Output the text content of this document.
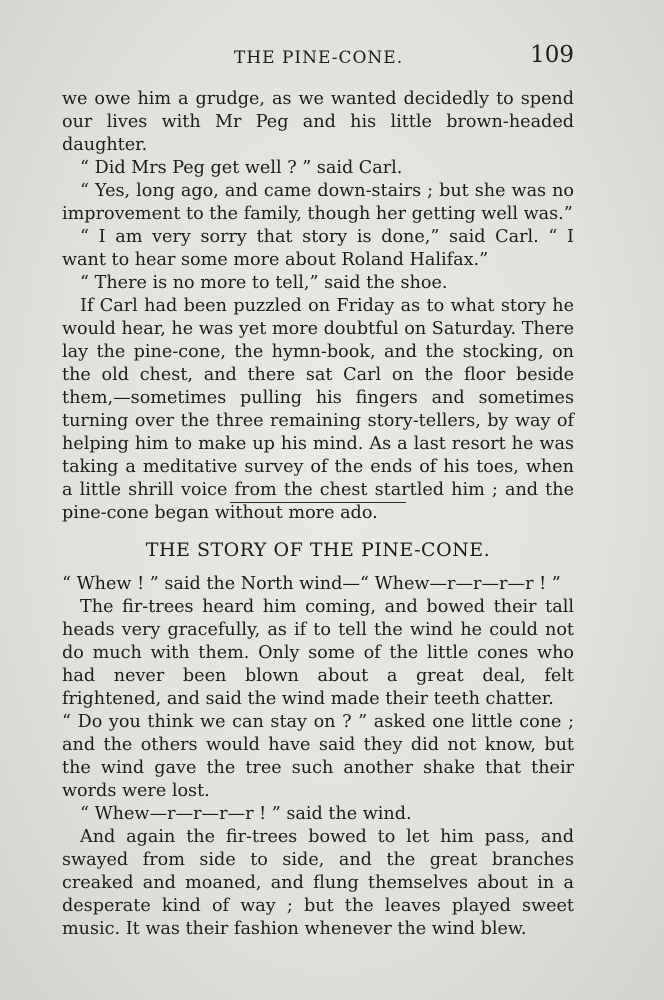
THE PINE-CONE.	109

we owe him a grudge, as we wanted decidedly to spend our lives with Mr Peg and his little brown-headed daughter.

“ Did Mrs Peg get well ? ” said Carl.

“ Yes, long ago, and came down-stairs ; but she was no improvement to the family, though her getting well was.”

“ I am very sorry that story is done,” said Carl. “ I want to hear some more about Roland Halifax.”

“ There is no more to tell,” said the shoe.

If Carl had been puzzled on Friday as to what story he would hear, he was yet more doubtful on Saturday. There lay the pine-cone, the hymn-book, and the stocking, on the old chest, and there sat Carl on the floor beside them,—sometimes pulling his fingers and sometimes turning over the three remaining story-tellers, by way of helping him to make up his mind. As a last resort he was taking a meditative survey of the ends of his toes, when a little shrill voice from the chest startled him ; and the pine-cone began without more ado.

THE STORY OF THE PINE-CONE.

“ Whew ! ” said the North wind—“ Whew—r—r—r—r ! ”

The fir-trees heard him coming, and bowed their tall heads very gracefully, as if to tell the wind he could not do much with them. Only some of the little cones who had never been blown about a great deal, felt frightened, and said the wind made their teeth chatter.

“ Do you think we can stay on ? ” asked one little cone ; and the others would have said they did not know, but the wind gave the tree such another shake that their words were lost.

“ Whew—r—r—r—r ! ” said the wind.

And again the fir-trees bowed to let him pass, and swayed from side to side, and the great branches creaked and moaned, and flung themselves about in a desperate kind of way ; but the leaves played sweet music. It was their fashion whenever the wind blew.
